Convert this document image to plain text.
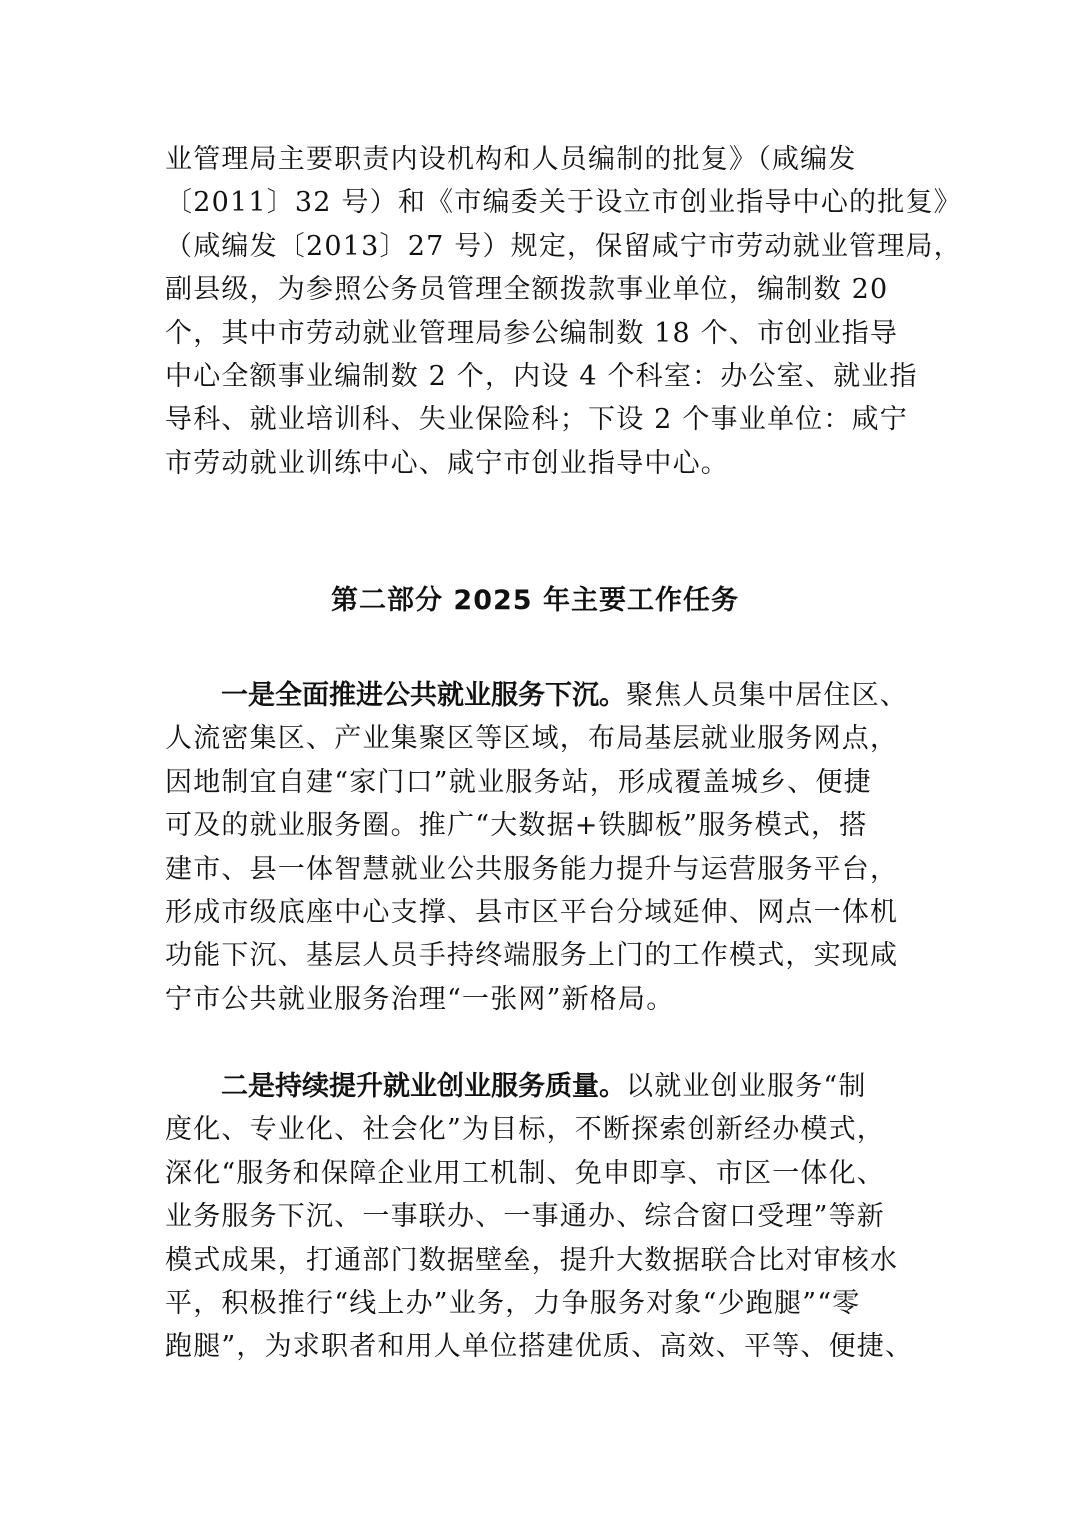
业管理局主要职责内设机构和人员编制的批复》（咸编发
〔2011〕32 号）和《市编委关于设立市创业指导中心的批复》
（咸编发〔2013〕27 号）规定，保留咸宁市劳动就业管理局，
副县级，为参照公务员管理全额拨款事业单位，编制数 20
个，其中市劳动就业管理局参公编制数 18 个、市创业指导
中心全额事业编制数 2 个，内设 4 个科室：办公室、就业指
导科、就业培训科、失业保险科；下设 2 个事业单位：咸宁
市劳动就业训练中心、咸宁市创业指导中心。
第二部分 2025 年主要工作任务
一是全面推进公共就业服务下沉。聚焦人员集中居住区、
人流密集区、产业集聚区等区域，布局基层就业服务网点，
因地制宜自建“家门口”就业服务站，形成覆盖城乡、便捷
可及的就业服务圈。推广“大数据+铁脚板”服务模式，搭
建市、县一体智慧就业公共服务能力提升与运营服务平台，
形成市级底座中心支撑、县市区平台分域延伸、网点一体机
功能下沉、基层人员手持终端服务上门的工作模式，实现咸
宁市公共就业服务治理“一张网”新格局。
二是持续提升就业创业服务质量。以就业创业服务“制
度化、专业化、社会化”为目标，不断探索创新经办模式，
深化“服务和保障企业用工机制、免申即享、市区一体化、
业务服务下沉、一事联办、一事通办、综合窗口受理”等新
模式成果，打通部门数据壁垒，提升大数据联合比对审核水
平，积极推行“线上办”业务，力争服务对象“少跑腿”“零
跑腿”，为求职者和用人单位搭建优质、高效、平等、便捷、
